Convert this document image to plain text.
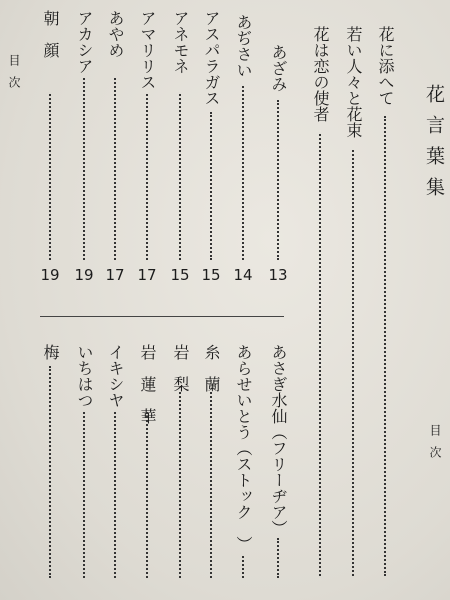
花言葉集
目次
花に添へて
若い人々と花束
花は恋の使者
あざみ
13
あぢさい
14
アスパラガス
15
アネモネ
15
アマリリス
17
あやめ
17
アカシア
19
朝　顔
19
目次
あさぎ水仙
（
フリーヂア
）
あらせいとう
（
ストック
）
糸　蘭
岩　梨
岩　蓮　華
イキシヤ
いちはつ
梅
